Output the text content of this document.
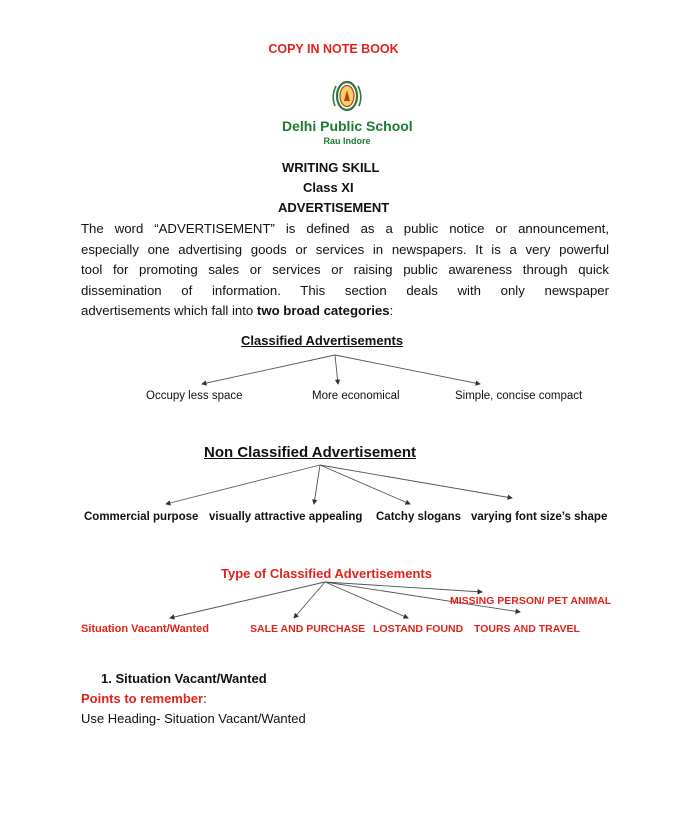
COPY IN NOTE BOOK
Delhi Public School
Rau Indore
WRITING SKILL
Class XI
ADVERTISEMENT
The word “ADVERTISEMENT” is defined as a public notice or announcement,
especially one advertising goods or services in newspapers. It is a very powerful
tool for promoting sales or services or raising public awareness through quick
dissemination of information. This section deals with only newspaper
advertisements which fall into two broad categories:
Classified Advertisements
Occupy less space	More economical	Simple, concise compact
Non Classified Advertisement
Commercial purpose visually attractive appealing Catchy slogans varying font size’s shape
Type of Classified Advertisements
MISSING PERSON/ PET ANIMAL
Situation Vacant/Wanted	SALE AND PURCHASE LOSTAND FOUND TOURS AND TRAVEL
1. Situation Vacant/Wanted
Points to remember:
Use Heading- Situation Vacant/Wanted
